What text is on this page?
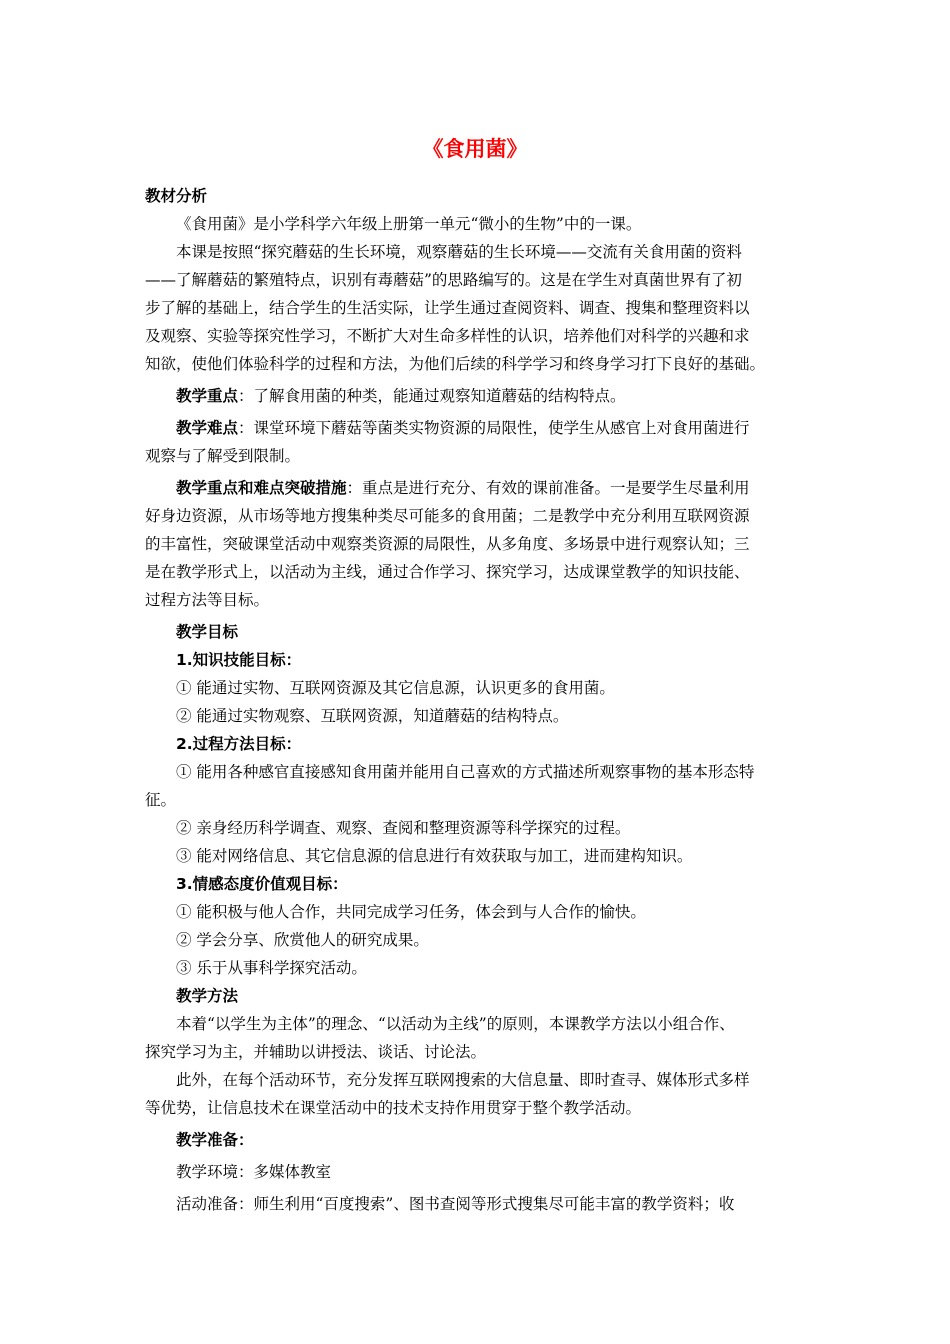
《食用菌》

教材分析

《食用菌》是小学科学六年级上册第一单元“微小的生物”中的一课。

本课是按照“探究蘑菇的生长环境，观察蘑菇的生长环境——交流有关食用菌的资料

——了解蘑菇的繁殖特点，识别有毒蘑菇”的思路编写的。这是在学生对真菌世界有了初

步了解的基础上，结合学生的生活实际，让学生通过查阅资料、调查、搜集和整理资料以

及观察、实验等探究性学习，不断扩大对生命多样性的认识，培养他们对科学的兴趣和求

知欲，使他们体验科学的过程和方法，为他们后续的科学学习和终身学习打下良好的基础。

教学重点：了解食用菌的种类，能通过观察知道蘑菇的结构特点。

教学难点：课堂环境下蘑菇等菌类实物资源的局限性，使学生从感官上对食用菌进行

观察与了解受到限制。

教学重点和难点突破措施：重点是进行充分、有效的课前准备。一是要学生尽量利用

好身边资源，从市场等地方搜集种类尽可能多的食用菌；二是教学中充分利用互联网资源

的丰富性，突破课堂活动中观察类资源的局限性，从多角度、多场景中进行观察认知；三

是在教学形式上，以活动为主线，通过合作学习、探究学习，达成课堂教学的知识技能、

过程方法等目标。

教学目标

1.知识技能目标：

① 能通过实物、互联网资源及其它信息源，认识更多的食用菌。

② 能通过实物观察、互联网资源，知道蘑菇的结构特点。

2.过程方法目标：

① 能用各种感官直接感知食用菌并能用自己喜欢的方式描述所观察事物的基本形态特

征。

② 亲身经历科学调查、观察、查阅和整理资源等科学探究的过程。

③ 能对网络信息、其它信息源的信息进行有效获取与加工，进而建构知识。

3.情感态度价值观目标：

① 能积极与他人合作，共同完成学习任务，体会到与人合作的愉快。

② 学会分享、欣赏他人的研究成果。

③ 乐于从事科学探究活动。

教学方法

本着“以学生为主体”的理念、“以活动为主线”的原则，本课教学方法以小组合作、

探究学习为主，并辅助以讲授法、谈话、讨论法。

此外，在每个活动环节，充分发挥互联网搜索的大信息量、即时查寻、媒体形式多样

等优势，让信息技术在课堂活动中的技术支持作用贯穿于整个教学活动。

教学准备：

教学环境：多媒体教室

活动准备：师生利用“百度搜索”、图书查阅等形式搜集尽可能丰富的教学资料；收
